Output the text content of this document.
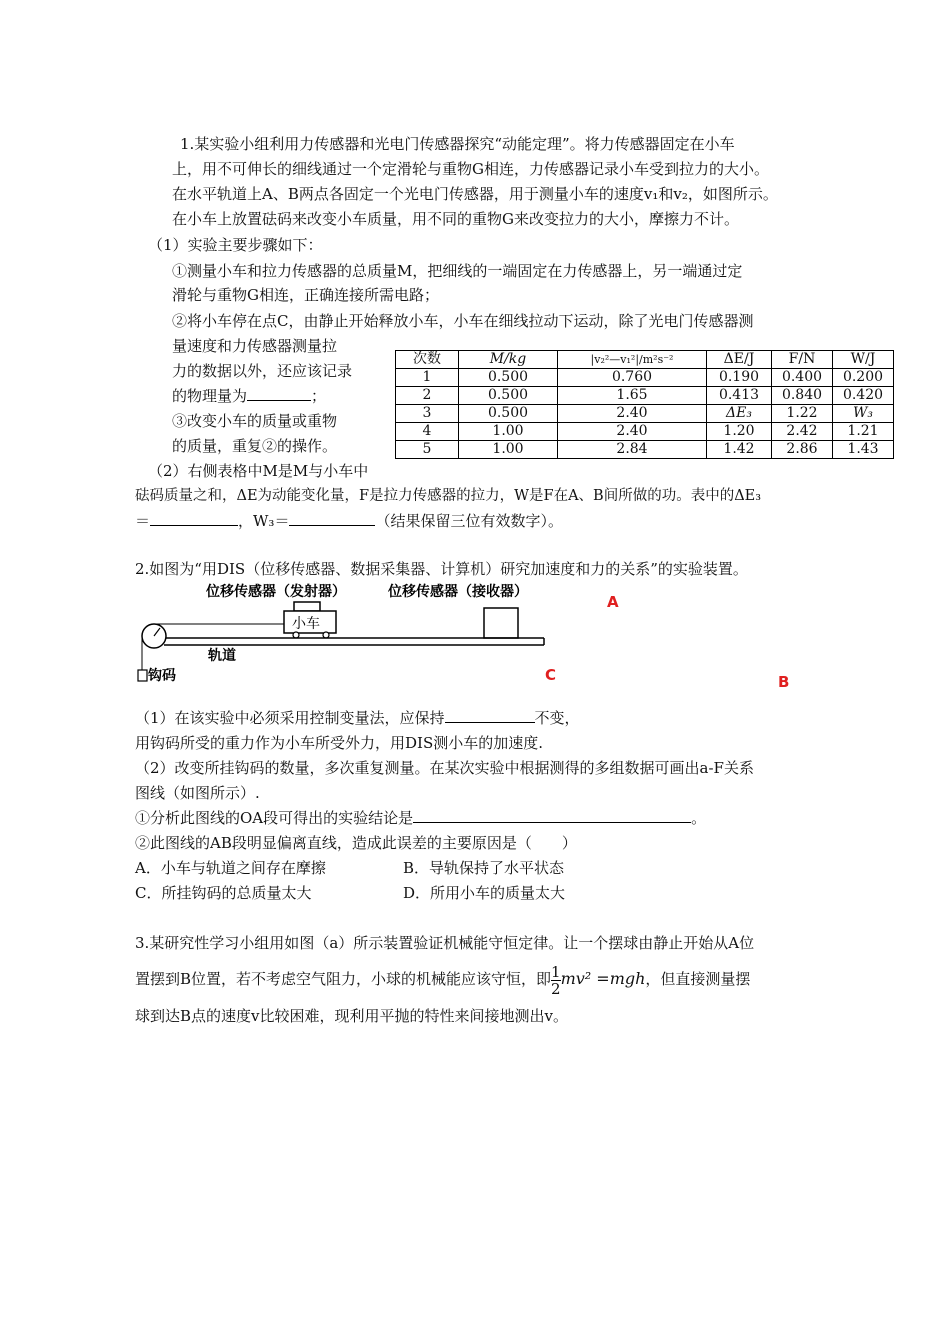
1.某实验小组利用力传感器和光电门传感器探究“动能定理”。将力传感器固定在小车
上，用不可伸长的细线通过一个定滑轮与重物G相连，力传感器记录小车受到拉力的大小。
在水平轨道上A、B两点各固定一个光电门传感器，用于测量小车的速度v₁和v₂，如图所示。
在小车上放置砝码来改变小车质量，用不同的重物G来改变拉力的大小，摩擦力不计。
（1）实验主要步骤如下：
①测量小车和拉力传感器的总质量M，把细线的一端固定在力传感器上，另一端通过定
滑轮与重物G相连，正确连接所需电路；
②将小车停在点C，由静止开始释放小车，小车在细线拉动下运动，除了光电门传感器测
量速度和力传感器测量拉
力的数据以外，还应该记录
的物理量为	；
③改变小车的质量或重物
的质量，重复②的操作。
（2）右侧表格中M是M与小车中
砝码质量之和，ΔE为动能变化量，F是拉力传感器的拉力，W是F在A、B间所做的功。表中的ΔE₃
＝	，W₃＝	（结果保留三位有效数字）。
次数	M/kg	|v₂²—v₁²|/m²s⁻²	ΔE/J	F/N	W/J
1	0.500	0.760	0.190	0.400	0.200
2	0.500	1.65	0.413	0.840	0.420
3	0.500	2.40	ΔE₃	1.22	W₃
4	1.00	2.40	1.20	2.42	1.21
5	1.00	2.84	1.42	2.86	1.43
2.如图为“用DIS（位移传感器、数据采集器、计算机）研究加速度和力的关系”的实验装置。
位移传感器（发射器）	位移传感器（接收器）
小车
轨道
钩码
A
C	B
（1）在该实验中必须采用控制变量法，应保持	不变，
用钩码所受的重力作为小车所受外力，用DIS测小车的加速度.
（2）改变所挂钩码的数量，多次重复测量。在某次实验中根据测得的多组数据可画出a-F关系
图线（如图所示）.
①分析此图线的OA段可得出的实验结论是	。
②此图线的AB段明显偏离直线，造成此误差的主要原因是（　　）
A．小车与轨道之间存在摩擦	B．导轨保持了水平状态
C．所挂钩码的总质量太大	D．所用小车的质量太大
3.某研究性学习小组用如图（a）所示装置验证机械能守恒定律。让一个摆球由静止开始从A位
置摆到B位置，若不考虑空气阻力，小球的机械能应该守恒，即 $\frac{1}{2} mv^2 =mgh$，但直接测量摆
球到达B点的速度v比较困难，现利用平抛的特性来间接地测出v。
